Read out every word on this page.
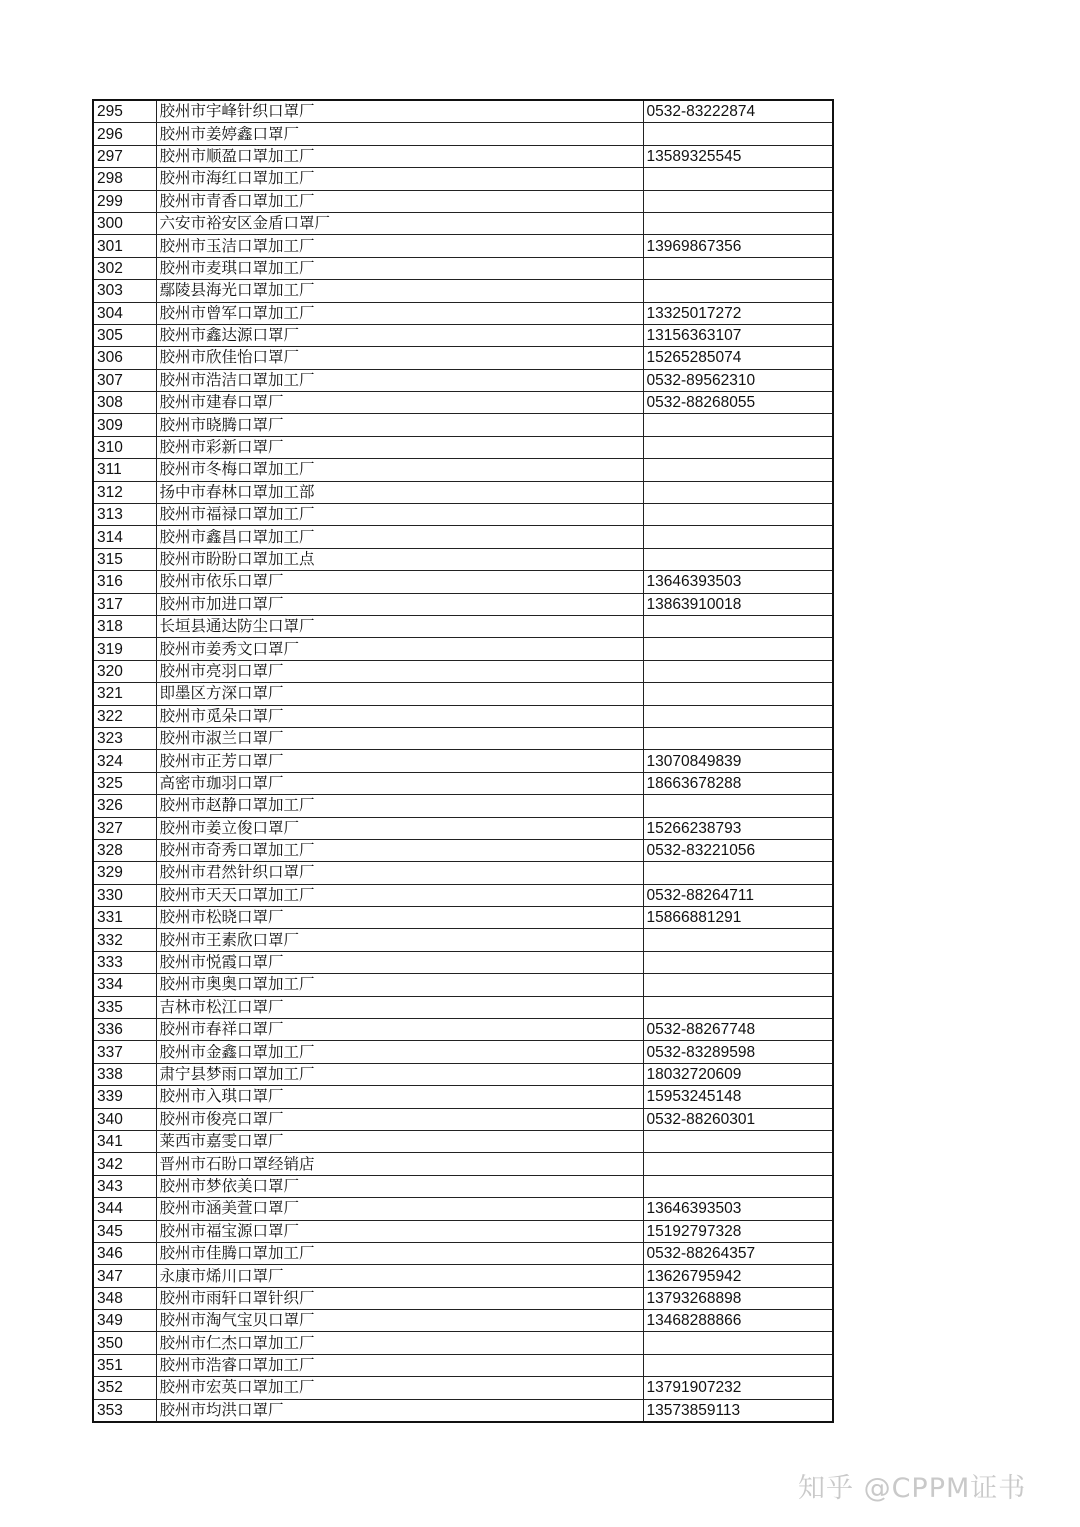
295	胶州市宇峰针织口罩厂	0532-83222874
296	胶州市姜婷鑫口罩厂	
297	胶州市顺盈口罩加工厂	13589325545
298	胶州市海红口罩加工厂	
299	胶州市青香口罩加工厂	
300	六安市裕安区金盾口罩厂	
301	胶州市玉洁口罩加工厂	13969867356
302	胶州市麦琪口罩加工厂	
303	鄢陵县海光口罩加工厂	
304	胶州市曾军口罩加工厂	13325017272
305	胶州市鑫达源口罩厂	13156363107
306	胶州市欣佳怡口罩厂	15265285074
307	胶州市浩洁口罩加工厂	0532-89562310
308	胶州市建春口罩厂	0532-88268055
309	胶州市晓腾口罩厂	
310	胶州市彩新口罩厂	
311	胶州市冬梅口罩加工厂	
312	扬中市春林口罩加工部	
313	胶州市福禄口罩加工厂	
314	胶州市鑫昌口罩加工厂	
315	胶州市盼盼口罩加工点	
316	胶州市依乐口罩厂	13646393503
317	胶州市加进口罩厂	13863910018
318	长垣县通达防尘口罩厂	
319	胶州市姜秀文口罩厂	
320	胶州市亮羽口罩厂	
321	即墨区方深口罩厂	
322	胶州市觅朵口罩厂	
323	胶州市淑兰口罩厂	
324	胶州市正芳口罩厂	13070849839
325	高密市珈羽口罩厂	18663678288
326	胶州市赵静口罩加工厂	
327	胶州市姜立俊口罩厂	15266238793
328	胶州市奇秀口罩加工厂	0532-83221056
329	胶州市君然针织口罩厂	
330	胶州市天天口罩加工厂	0532-88264711
331	胶州市松晓口罩厂	15866881291
332	胶州市王素欣口罩厂	
333	胶州市悦霞口罩厂	
334	胶州市奥奥口罩加工厂	
335	吉林市松江口罩厂	
336	胶州市春祥口罩厂	0532-88267748
337	胶州市金鑫口罩加工厂	0532-83289598
338	肃宁县梦雨口罩加工厂	18032720609
339	胶州市入琪口罩厂	15953245148
340	胶州市俊亮口罩厂	0532-88260301
341	莱西市嘉雯口罩厂	
342	晋州市石盼口罩经销店	
343	胶州市梦依美口罩厂	
344	胶州市涵美萱口罩厂	13646393503
345	胶州市福宝源口罩厂	15192797328
346	胶州市佳腾口罩加工厂	0532-88264357
347	永康市烯川口罩厂	13626795942
348	胶州市雨轩口罩针织厂	13793268898
349	胶州市淘气宝贝口罩厂	13468288866
350	胶州市仁杰口罩加工厂	
351	胶州市浩睿口罩加工厂	
352	胶州市宏英口罩加工厂	13791907232
353	胶州市均洪口罩厂	13573859113
知乎 @CPPM证书
